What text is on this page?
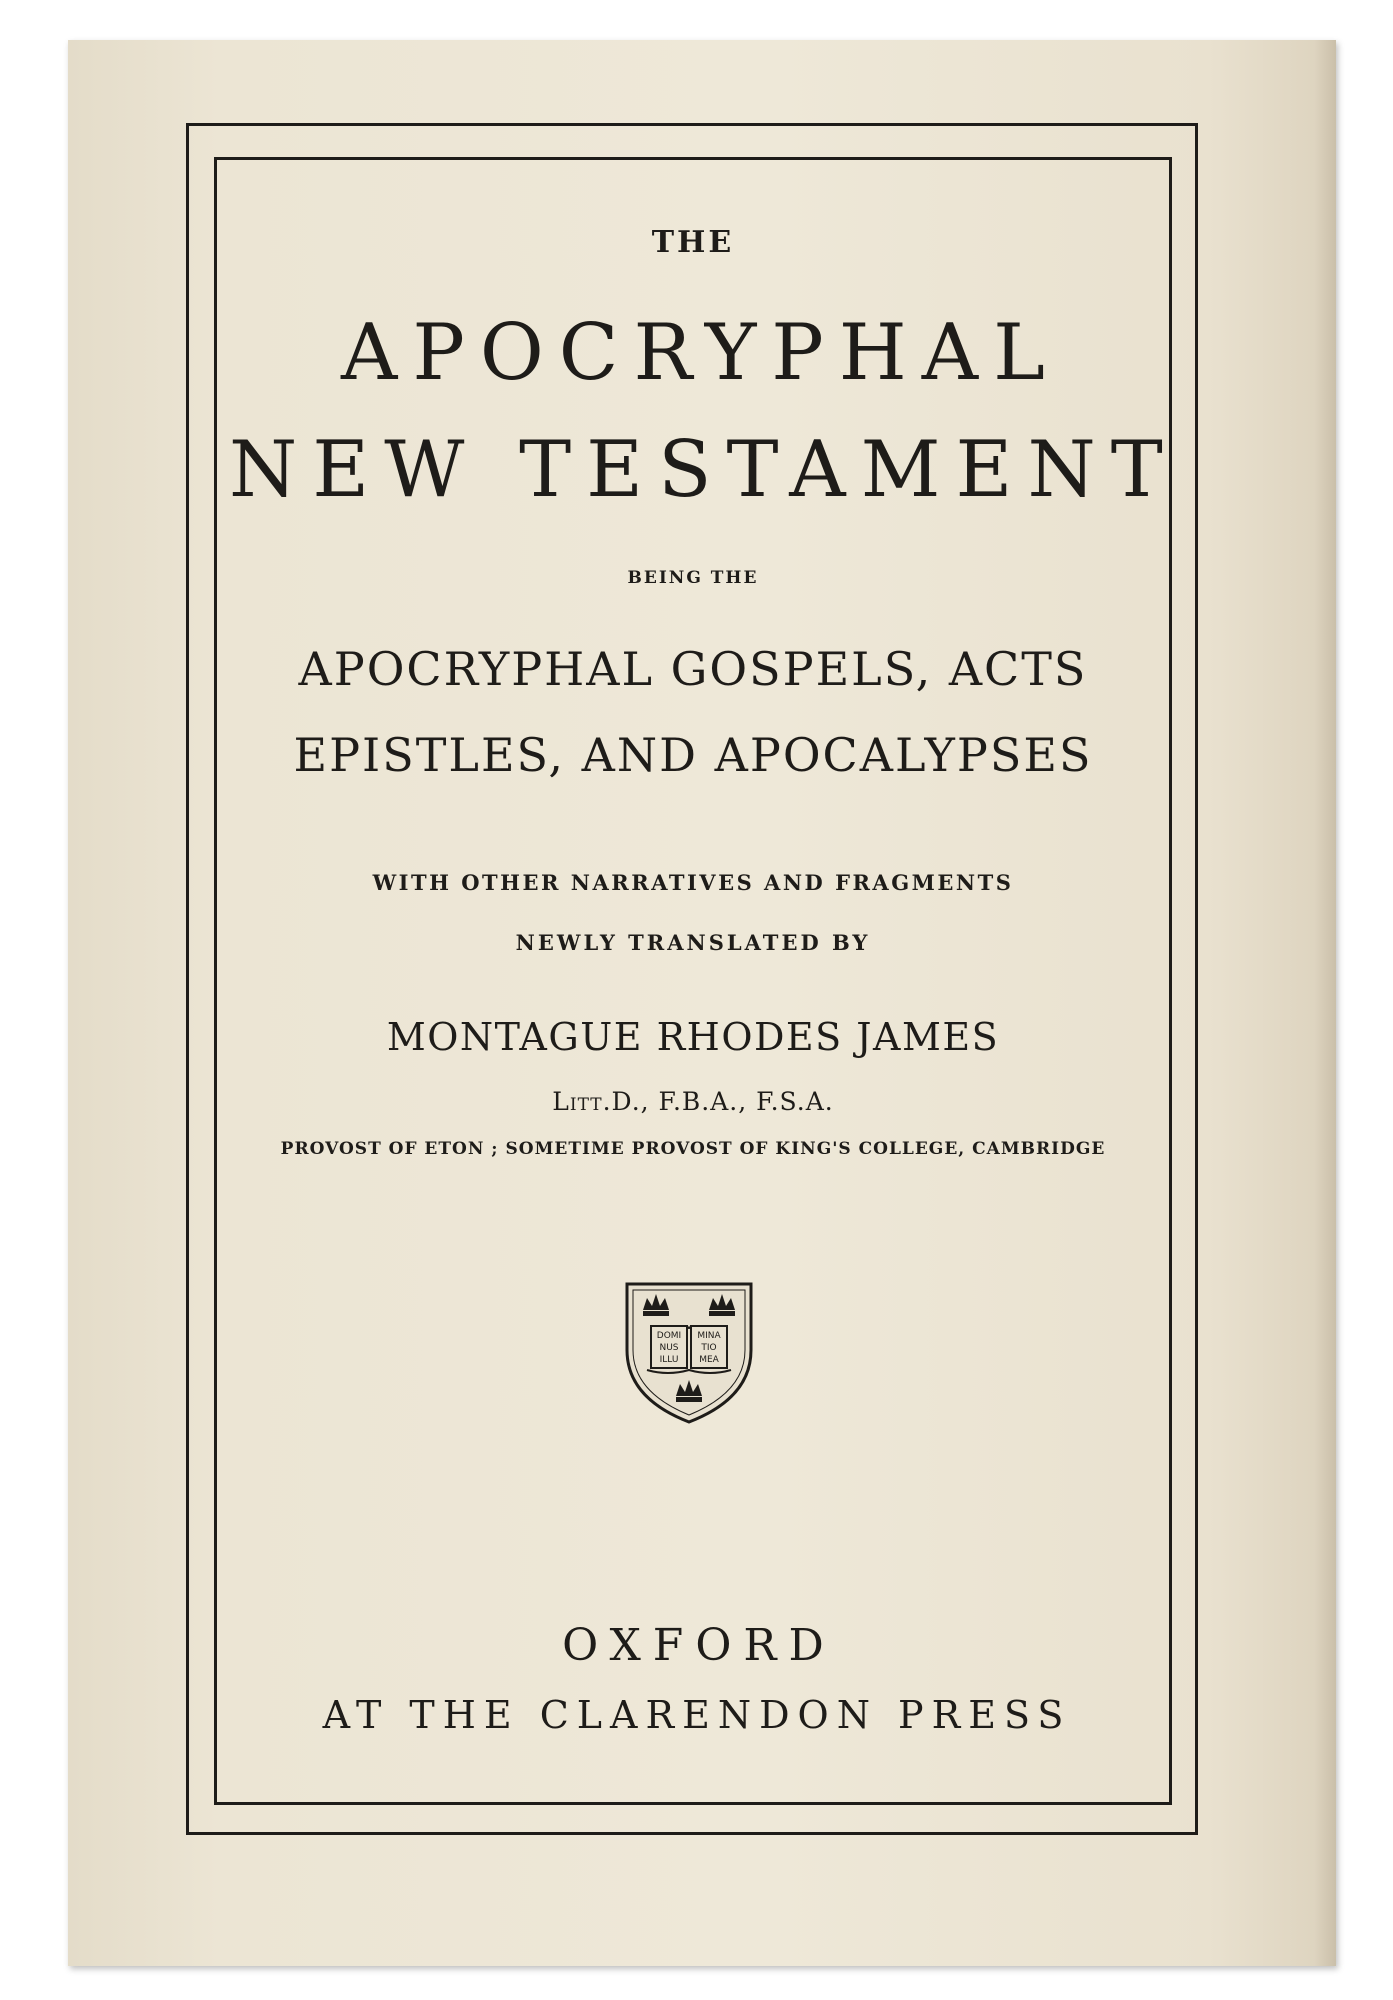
THE

APOCRYPHAL

NEW TESTAMENT

BEING THE

APOCRYPHAL GOSPELS, ACTS

EPISTLES, AND APOCALYPSES

WITH OTHER NARRATIVES AND FRAGMENTS

NEWLY TRANSLATED BY

MONTAGUE RHODES JAMES

LITT.D., F.B.A., F.S.A.

PROVOST OF ETON ; SOMETIME PROVOST OF KING'S COLLEGE, CAMBRIDGE

DOMI
NUS
ILLU
MINA
TIO
MEA

OXFORD

AT THE CLARENDON PRESS
